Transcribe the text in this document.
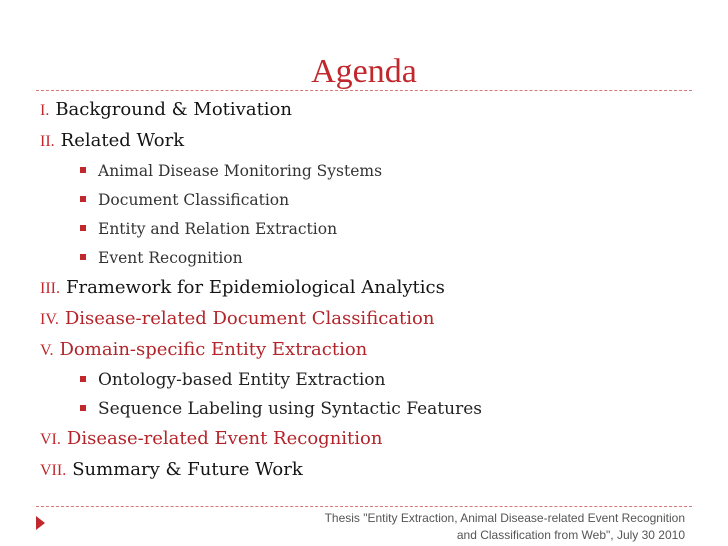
Agenda
I. Background & Motivation
II. Related Work
Animal Disease Monitoring Systems
Document Classification
Entity and Relation Extraction
Event Recognition
III. Framework for Epidemiological Analytics
IV. Disease-related Document Classification
V. Domain-specific Entity Extraction
Ontology-based Entity Extraction
Sequence Labeling using Syntactic Features
VI. Disease-related Event Recognition
VII. Summary & Future Work
Thesis "Entity Extraction, Animal Disease-related Event Recognition
and Classification from Web", July 30 2010
